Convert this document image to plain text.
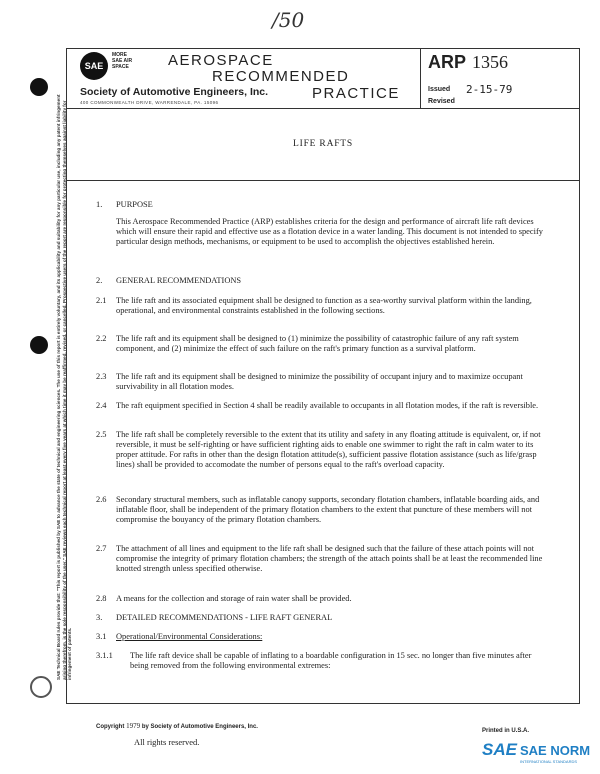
/50
SAE
MORE SAE AIR SPACE	AEROSPACE
RECOMMENDED
PRACTICE
Society of Automotive Engineers, Inc.
400 COMMONWEALTH DRIVE, WARRENDALE, PA. 15096
ARP 1356
Issued 2-15-79
Revised
LIFE RAFTS
SAE Technical Board rules provide that: "This report is published by SAE to advance the state of technical and engineering sciences. The use of this report is entirely voluntary, and its applicability and suitability for any particular use, including any patent infringement arising therefrom, is the sole responsibility of the user." SAE reviews each technical report at least every five years at which time it may be reaffirmed, revised, or cancelled. Prospective users of the report are responsible for protecting themselves against liability for infringement of patents.
1. PURPOSE
This Aerospace Recommended Practice (ARP) establishes criteria for the design and performance of aircraft life raft devices which will ensure their rapid and effective use as a flotation device in a water landing. This document is not intended to specify particular design methods, mechanisms, or equipment to be used to accomplish the objectives established herein.
2. GENERAL RECOMMENDATIONS
2.1 The life raft and its associated equipment shall be designed to function as a sea-worthy survival platform within the landing, operational, and environmental constraints established in the following sections.
2.2 The life raft and its equipment shall be designed to (1) minimize the possibility of catastrophic failure of any raft system component, and (2) minimize the effect of such failure on the raft's primary function as a survival platform.
2.3 The life raft and its equipment shall be designed to minimize the possibility of occupant injury and to maximize occupant survivability in all flotation modes.
2.4 The raft equipment specified in Section 4 shall be readily available to occupants in all flotation modes, if the raft is reversible.
2.5 The life raft shall be completely reversible to the extent that its utility and safety in any floating attitude is equivalent, or, if not reversible, it must be self-righting or have sufficient righting aids to enable one swimmer to right the raft in calm water to its proper attitude. For rafts in other than the design flotation attitude(s), sufficient passive flotation assistance (such as life/grasp lines) shall be provided to accomodate the number of persons equal to the raft's overload capacity.
2.6 Secondary structural members, such as inflatable canopy supports, secondary flotation chambers, inflatable boarding aids, and inflatable floor, shall be independent of the primary flotation chambers to the extent that puncture of these members will not compromise the bouyancy of the primary flotation chambers.
2.7 The attachment of all lines and equipment to the life raft shall be designed such that the failure of these attach points will not compromise the integrity of primary flotation chambers; the strength of the attach points shall be at least the recommended line knotted strength unless specified otherwise.
2.8 A means for the collection and storage of rain water shall be provided.
3. DETAILED RECOMMENDATIONS - LIFE RAFT GENERAL
3.1 Operational/Environmental Considerations:
3.1.1 The life raft device shall be capable of inflating to a boardable configuration in 15 sec. no longer than five minutes after being removed from the following environmental extremes:
Copyright 1979 by Society of Automotive Engineers, Inc.
Printed in U.S.A.
All rights reserved.	SAE SAE NORM
INTERNATIONAL STANDARDS
